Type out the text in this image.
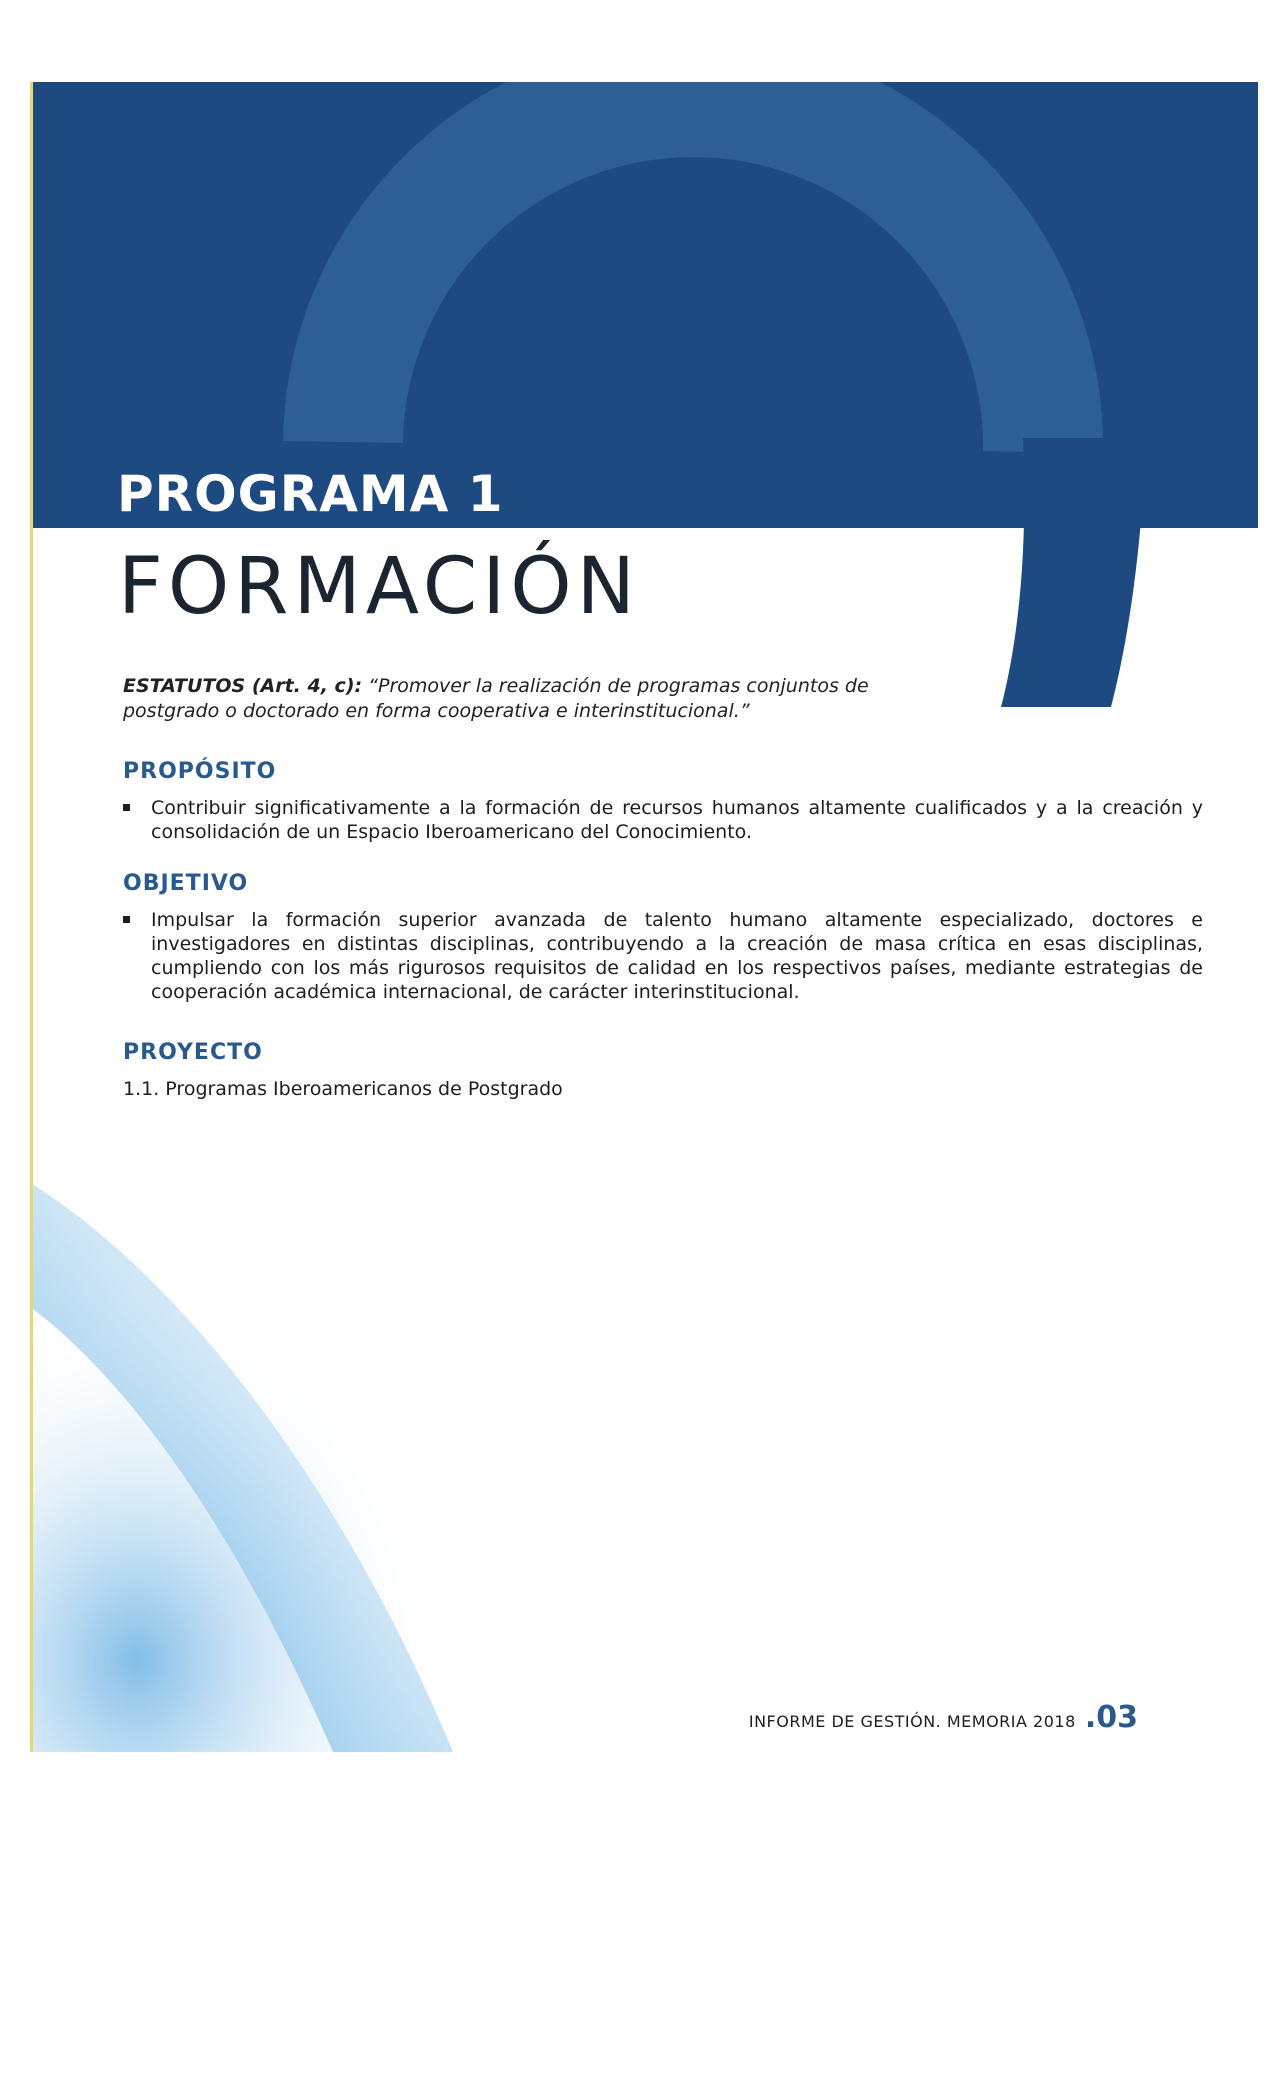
PROGRAMA 1
FORMACIÓN

ESTATUTOS (Art. 4, c): “Promover la realización de programas conjuntos de postgrado o doctorado en forma cooperativa e interinstitucional.”

PROPÓSITO
Contribuir significativamente a la formación de recursos humanos altamente cualificados y a la creación y consolidación de un Espacio Iberoamericano del Conocimiento.
OBJETIVO
Impulsar la formación superior avanzada de talento humano altamente especializado, doctores e investigadores en distintas disciplinas, contribuyendo a la creación de masa crítica en esas disciplinas, cumpliendo con los más rigurosos requisitos de calidad en los respectivos países, mediante estrategias de cooperación académica internacional, de carácter interinstitucional.
PROYECTO
1.1. Programas Iberoamericanos de Postgrado
INFORME DE GESTIÓN. MEMORIA 2018 .03
